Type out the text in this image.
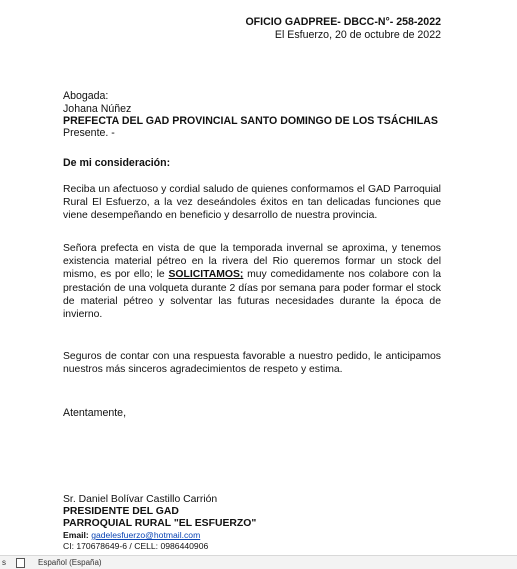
OFICIO GADPREE- DBCC-N°- 258-2022
El Esfuerzo, 20 de octubre de 2022
Abogada:
Johana Núñez
PREFECTA DEL GAD PROVINCIAL SANTO DOMINGO DE LOS TSÁCHILAS
Presente. -
De mi consideración:
Reciba un afectuoso y cordial saludo de quienes conformamos el GAD Parroquial Rural El Esfuerzo, a la vez deseándoles éxitos en tan delicadas funciones que viene desempeñando en beneficio y desarrollo de nuestra provincia.
Señora prefecta en vista de que la temporada invernal se aproxima, y tenemos existencia material pétreo en la rivera del Rio queremos formar un stock del mismo, es por ello; le SOLICITAMOS; muy comedidamente nos colabore con la prestación de una volqueta durante 2 días por semana para poder formar el stock de material pétreo y solventar las futuras necesidades durante la época de invierno.
Seguros de contar con una respuesta favorable a nuestro pedido, le anticipamos nuestros más sinceros agradecimientos de respeto y estima.
Atentamente,
Sr. Daniel Bolívar Castillo Carrión
PRESIDENTE DEL GAD
PARROQUIAL RURAL "EL ESFUERZO"
Email: gadelesfuerzo@hotmail.com
CI: 170678649-6 / CELL: 0986440906
s	Español (España)
